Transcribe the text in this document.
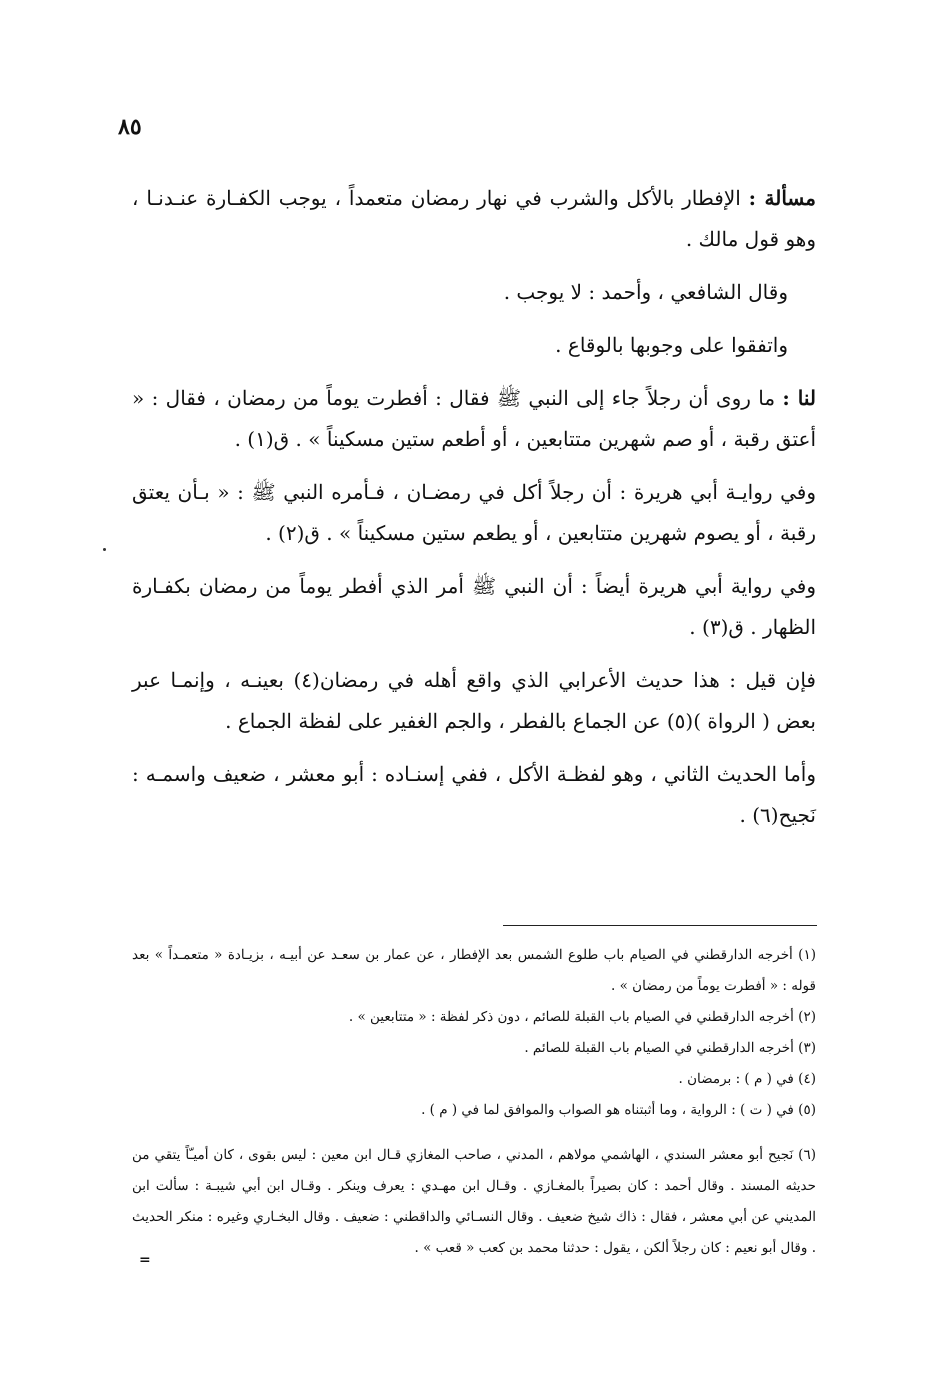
٨٥

مسألة : الإفطار بالأكل والشرب في نهار رمضان متعمداً ، يوجب الكفـارة عنـدنـا ، وهو قول مالك .

وقال الشافعي ، وأحمد : لا يوجب .

واتفقوا على وجوبها بالوقاع .

لنا : ما روى أن رجلاً جاء إلى النبي ﷺ فقال : أفطرت يوماً من رمضان ، فقال : « أعتق رقبة ، أو صم شهرين متتابعين ، أو أطعم ستين مسكيناً » . ق(١) .

وفي روايـة أبي هريرة : أن رجلاً أكل في رمضـان ، فـأمره النبي ﷺ : « بـأن يعتق رقبة ، أو يصوم شهرين متتابعين ، أو يطعم ستين مسكيناً » . ق(٢) .

وفي رواية أبي هريرة أيضاً : أن النبي ﷺ أمر الذي أفطر يوماً من رمضان بكفـارة الظهار . ق(٣) .

فإن قيل : هذا حديث الأعرابي الذي واقع أهله في رمضان(٤) بعينـه ، وإنمـا عبر بعض ( الرواة )(٥) عن الجماع بالفطر ، والجم الغفير على لفظة الجماع .

وأما الحديث الثاني ، وهو لفظـة الأكل ، ففي إسنـاده : أبو معشر ، ضعيف واسمـه : نَجيح(٦) .

(١) أخرجه الدارقطني في الصيام باب طلوع الشمس بعد الإفطار ، عن عمار بن سعـد عن أبيـه ، بزيـادة « متعمـداً » بعد قوله : « أفطرت يوماً من رمضان » .

(٢) أخرجه الدارقطني في الصيام باب القبلة للصائم ، دون ذكر لفظة : « متتابعين » .

(٣) أخرجه الدارقطني في الصيام باب القبلة للصائم .

(٤) في ( م ) : برمضان .

(٥) في ( ت ) : الرواية ، وما أثبتناه هو الصواب والموافق لما في ( م ) .

(٦) نَجيح أبو معشر السندي ، الهاشمي مولاهم ، المدني ، صاحب المغازي قـال ابن معين : ليس بقوى ، كان أميـّاً يتقي من حديثه المسند . وقال أحمد : كان بصيراً بالمغـازي . وقـال ابن مهـدي : يعرف وينكر . وقـال ابن أبي شيبـة : سألت ابن المديني عن أبي معشر ، فقال : ذاك شيخ ضعيف . وقال النسـائي والداقطني : ضعيف . وقال البخـاري وغيره : منكر الحديث . وقال أبو نعيم : كان رجلاً ألكن ، يقول : حدثنا محمد بن كعب « قعب » .

=
